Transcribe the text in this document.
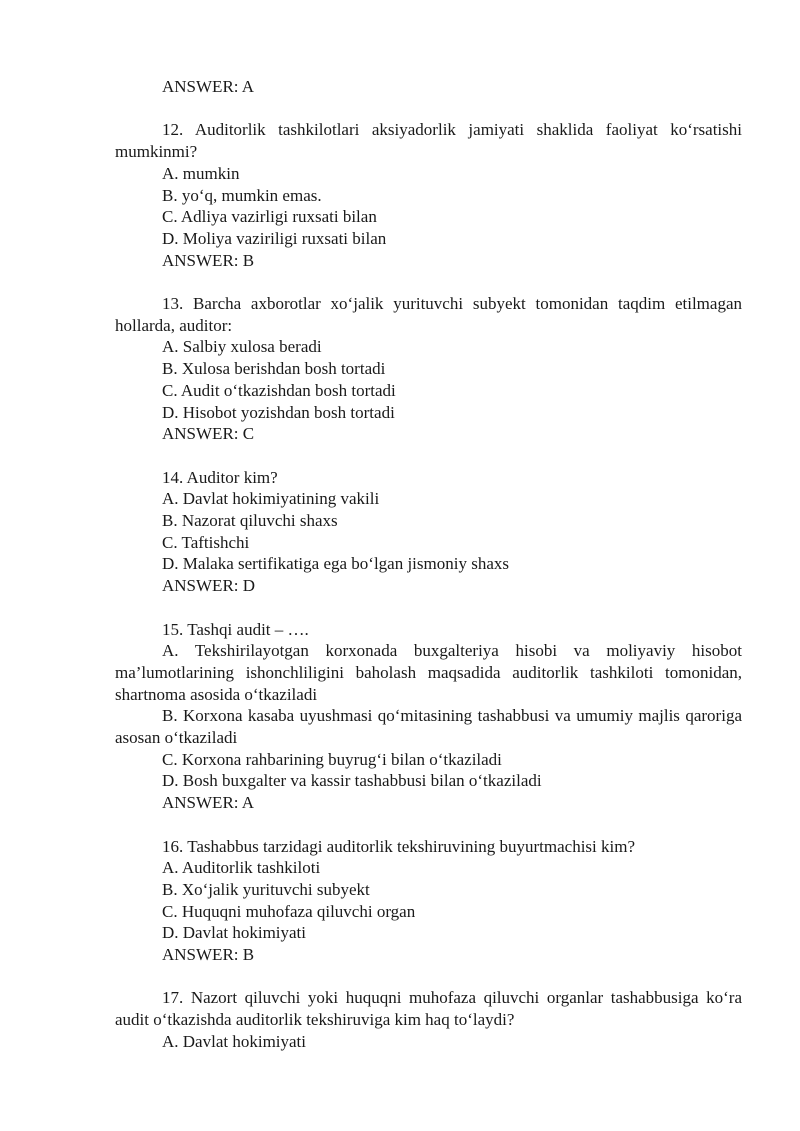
ANSWER: A
12. Auditorlik tashkilotlari aksiyadorlik jamiyati shaklida faoliyat ko‘rsatishi mumkinmi?
A. mumkin
B. yo‘q, mumkin emas.
C. Adliya vazirligi ruxsati bilan
D. Moliya vaziriligi ruxsati bilan
ANSWER: B
13. Barcha axborotlar xo‘jalik yurituvchi subyekt tomonidan taqdim etilmagan hollarda, auditor:
A. Salbiy xulosa beradi
B. Xulosa berishdan bosh tortadi
C. Audit o‘tkazishdan bosh tortadi
D. Hisobot yozishdan bosh tortadi
ANSWER: C
14. Auditor kim?
A. Davlat hokimiyatining vakili
B. Nazorat qiluvchi shaxs
C. Taftishchi
D. Malaka sertifikatiga ega bo‘lgan jismoniy shaxs
ANSWER: D
15. Tashqi audit – ….
A. Tekshirilayotgan korxonada buxgalteriya hisobi va moliyaviy hisobot ma’lumotlarining ishonchliligini baholash maqsadida auditorlik tashkiloti tomonidan, shartnoma asosida o‘tkaziladi
B. Korxona kasaba uyushmasi qo‘mitasining tashabbusi va umumiy majlis qaroriga asosan o‘tkaziladi
C. Korxona rahbarining buyrug‘i bilan o‘tkaziladi
D. Bosh buxgalter va kassir tashabbusi bilan o‘tkaziladi
ANSWER: A
16. Tashabbus tarzidagi auditorlik tekshiruvining buyurtmachisi kim?
A. Auditorlik tashkiloti
B. Xo‘jalik yurituvchi subyekt
C. Huquqni muhofaza qiluvchi organ
D. Davlat hokimiyati
ANSWER: B
17. Nazort qiluvchi yoki huquqni muhofaza qiluvchi organlar tashabbusiga ko‘ra audit o‘tkazishda auditorlik tekshiruviga kim haq to‘laydi?
A. Davlat hokimiyati
